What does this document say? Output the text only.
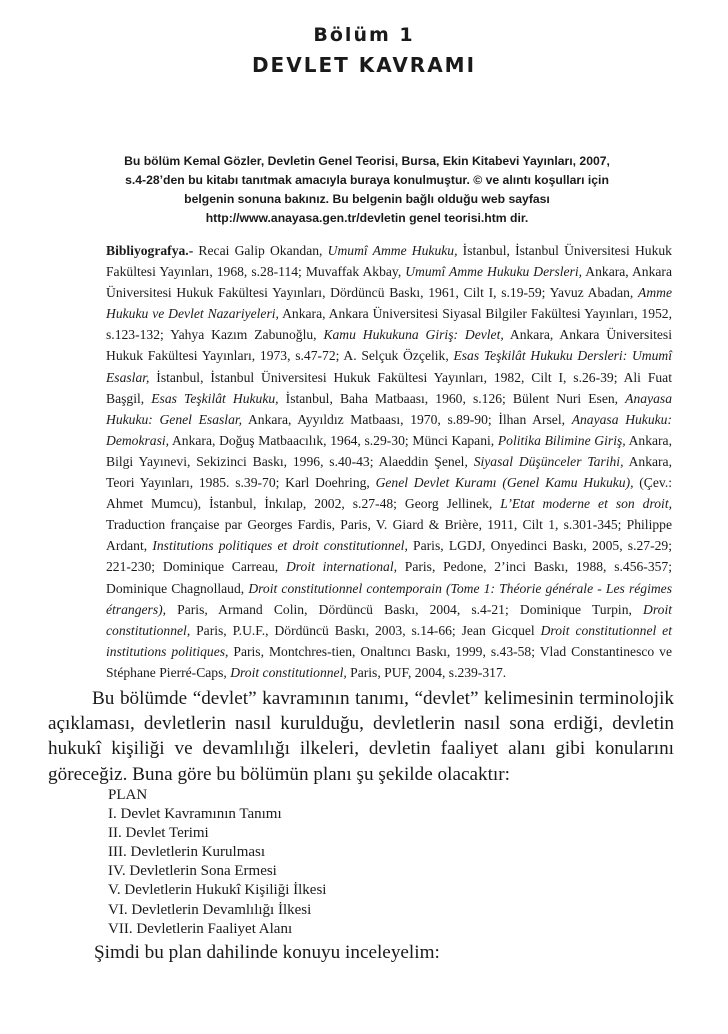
Bölüm 1
DEVLET KAVRAMI
Bu bölüm Kemal Gözler, Devletin Genel Teorisi, Bursa, Ekin Kitabevi Yayınları, 2007,
s.4-28’den bu kitabı tanıtmak amacıyla buraya konulmuştur. © ve alıntı koşulları için
belgenin sonuna bakınız. Bu belgenin bağlı olduğu web sayfası
http://www.anayasa.gen.tr/devletin genel teorisi.htm dir.
Bibliyografya.- Recai Galip Okandan, Umumî Amme Hukuku, İstanbul, İstanbul Üniversitesi Hukuk Fakültesi Yayınları, 1968, s.28-114; Muvaffak Akbay, Umumî Amme Hukuku Dersleri, Ankara, Ankara Üniversitesi Hukuk Fakültesi Yayınları, Dördüncü Baskı, 1961, Cilt I, s.19-59; Yavuz Abadan, Amme Hukuku ve Devlet Nazariyeleri, Ankara, Ankara Üniversitesi Siyasal Bilgiler Fakültesi Yayınları, 1952, s.123-132; Yahya Kazım Zabunoğlu, Kamu Hukukuna Giriş: Devlet, Ankara, Ankara Üniversitesi Hukuk Fakültesi Yayınları, 1973, s.47-72; A. Selçuk Özçelik, Esas Teşkilât Hukuku Dersleri: Umumî Esaslar, İstanbul, İstanbul Üniversitesi Hukuk Fakültesi Yayınları, 1982, Cilt I, s.26-39; Ali Fuat Başgil, Esas Teşkilât Hukuku, İstanbul, Baha Matbaası, 1960, s.126; Bülent Nuri Esen, Anayasa Hukuku: Genel Esaslar, Ankara, Ayyıldız Matbaası, 1970, s.89-90; İlhan Arsel, Anayasa Hukuku: Demokrasi, Ankara, Doğuş Matbaacılık, 1964, s.29-30; Münci Kapani, Politika Bilimine Giriş, Ankara, Bilgi Yayınevi, Sekizinci Baskı, 1996, s.40-43; Alaeddin Şenel, Siyasal Düşünceler Tarihi, Ankara, Teori Yayınları, 1985. s.39-70; Karl Doehring, Genel Devlet Kuramı (Genel Kamu Hukuku), (Çev.: Ahmet Mumcu), İstanbul, İnkılap, 2002, s.27-48; Georg Jellinek, L’Etat moderne et son droit, Traduction française par Georges Fardis, Paris, V. Giard & Brière, 1911, Cilt 1, s.301-345; Philippe Ardant, Institutions politiques et droit constitutionnel, Paris, LGDJ, Onyedinci Baskı, 2005, s.27-29; 221-230; Dominique Carreau, Droit international, Paris, Pedone, 2’inci Baskı, 1988, s.456-357; Dominique Chagnollaud, Droit constitutionnel contemporain (Tome 1: Théorie générale - Les régimes étrangers), Paris, Armand Colin, Dördüncü Baskı, 2004, s.4-21; Dominique Turpin, Droit constitutionnel, Paris, P.U.F., Dördüncü Baskı, 2003, s.14-66; Jean Gicquel Droit constitutionnel et institutions politiques, Paris, Montchres-tien, Onaltıncı Baskı, 1999, s.43-58; Vlad Constantinesco ve Stéphane Pierré-Caps, Droit constitutionnel, Paris, PUF, 2004, s.239-317.
Bu bölümde “devlet” kavramının tanımı, “devlet” kelimesinin terminolojik açıklaması, devletlerin nasıl kurulduğu, devletlerin nasıl sona erdiği, devletin hukukî kişiliği ve devamlılığı ilkeleri, devletin faaliyet alanı gibi konularını göreceğiz. Buna göre bu bölümün planı şu şekilde olacaktır:
PLAN
I. Devlet Kavramının Tanımı
II. Devlet Terimi
III. Devletlerin Kurulması
IV. Devletlerin Sona Ermesi
V. Devletlerin Hukukî Kişiliği İlkesi
VI. Devletlerin Devamlılığı İlkesi
VII. Devletlerin Faaliyet Alanı
Şimdi bu plan dahilinde konuyu inceleyelim:
